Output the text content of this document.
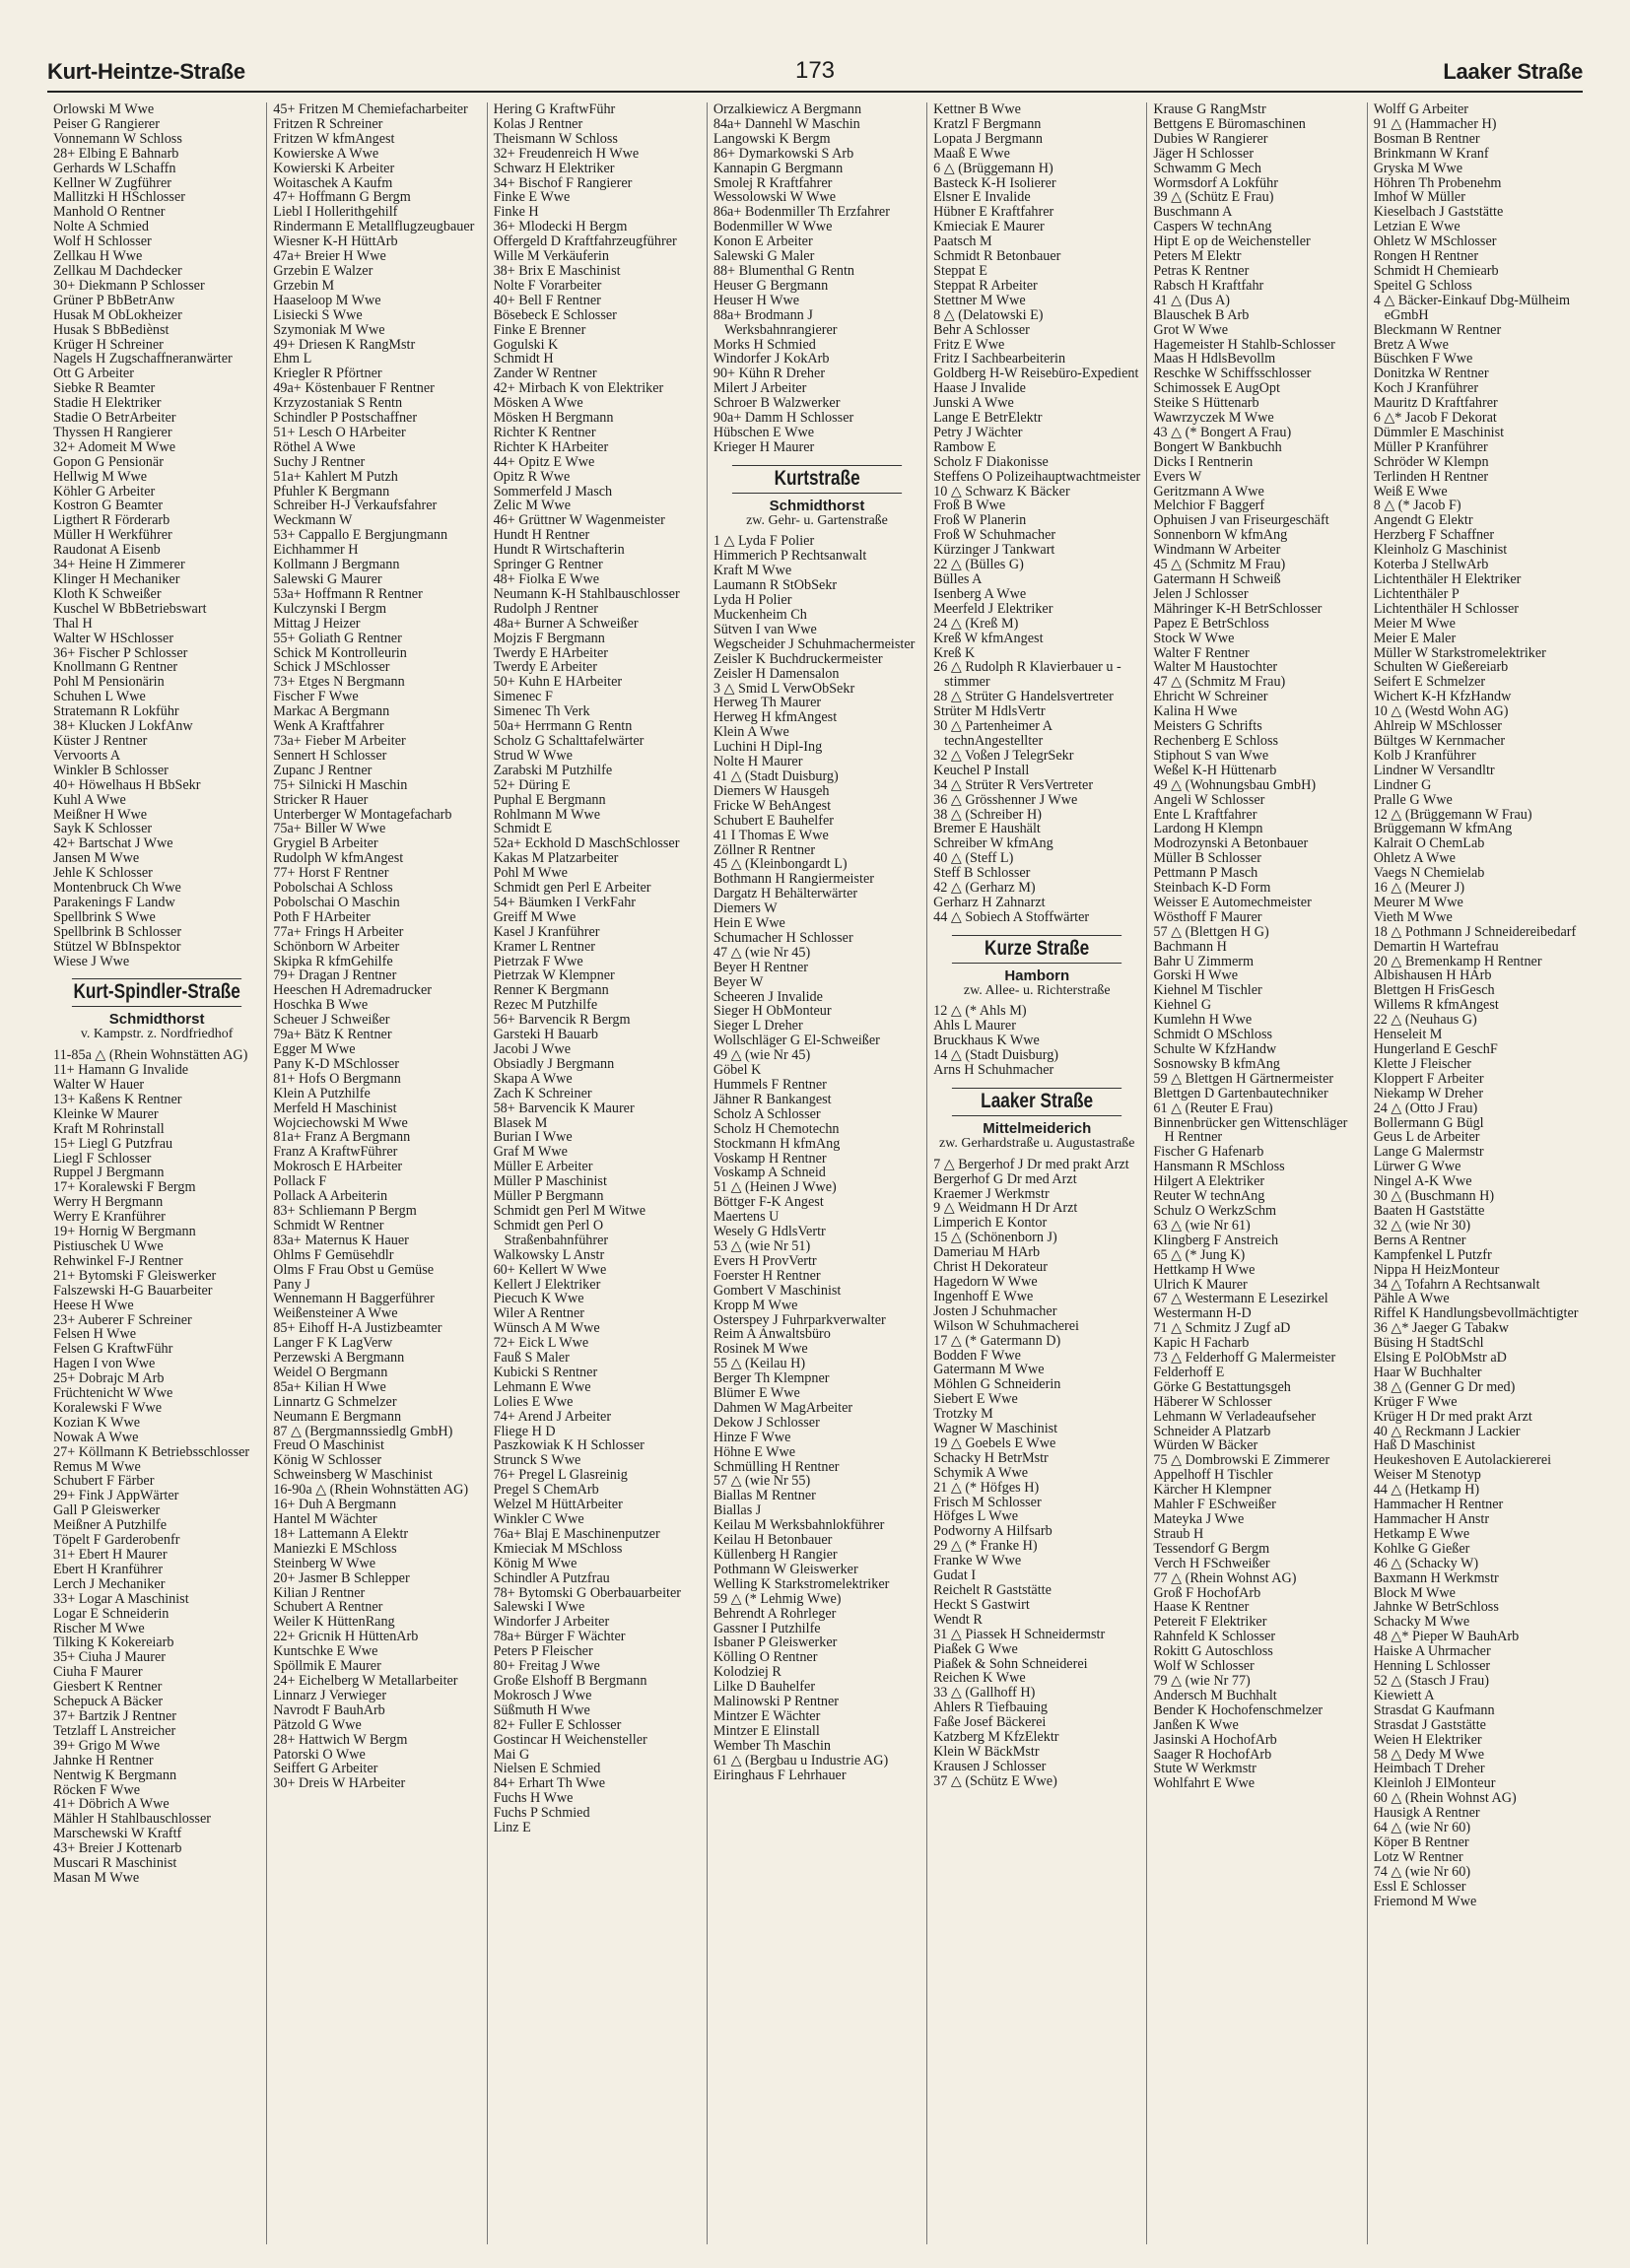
Kurt-Heintze-Straße	173	Laaker Straße
Orlowski M Wwe
Peiser G Rangierer
Vonnemann W Schloss
28+ Elbing E Bahnarb
Gerhards W LSchaffn
Kellner W Zugführer
Mallitzki H HSchlosser
Manhold O Rentner
Nolte A Schmied
Wolf H Schlosser
Zellkau H Wwe
Zellkau M Dachdecker
30+ Diekmann P Schlosser
Grüner P BbBetrAnw
Husak M ObLokheizer
Husak S BbBediènst
Krüger H Schreiner
Nagels H Zugschaffneranwärter
Ott G Arbeiter
Siebke R Beamter
Stadie H Elektriker
Stadie O BetrArbeiter
Thyssen H Rangierer
32+ Adomeit M Wwe
Gopon G Pensionär
Hellwig M Wwe
Köhler G Arbeiter
Kostron G Beamter
Ligthert R Förderarb
Müller H Werkführer
Raudonat A Eisenb
34+ Heine H Zimmerer
Klinger H Mechaniker
Kloth K Schweißer
Kuschel W BbBetriebswart
Thal H
Walter W HSchlosser
36+ Fischer P Schlosser
Knollmann G Rentner
Pohl M Pensionärin
Schuhen L Wwe
Stratemann R Lokführ
38+ Klucken J LokfAnw
Küster J Rentner
Vervoorts A
Winkler B Schlosser
40+ Höwelhaus H BbSekr
Kuhl A Wwe
Meißner H Wwe
Sayk K Schlosser
42+ Bartschat J Wwe
Jansen M Wwe
Jehle K Schlosser
Montenbruck Ch Wwe
Parakenings F Landw
Spellbrink S Wwe
Spellbrink B Schlosser
Stützel W BbInspektor
Wiese J Wwe
Kurt-Spindler-Straße
Schmidthorst
v. Kampstr. z. Nordfriedhof
11-85a △ (Rhein Wohnstätten AG)
11+ Hamann G Invalide
Walter W Hauer
13+ Kaßens K Rentner
Kleinke W Maurer
Kraft M Rohrinstall
15+ Liegl G Putzfrau
Liegl F Schlosser
Ruppel J Bergmann
17+ Koralewski F Bergm
Werry H Bergmann
Werry E Kranführer
19+ Hornig W Bergmann
Pistiuschek U Wwe
Rehwinkel F-J Rentner
21+ Bytomski F Gleiswerker
Falszewski H-G Bauarbeiter
Heese H Wwe
23+ Auberer F Schreiner
Felsen H Wwe
Felsen G KraftwFühr
Hagen I von Wwe
25+ Dobrajc M Arb
Früchtenicht W Wwe
Koralewski F Wwe
Kozian K Wwe
Nowak A Wwe
27+ Köllmann K Betriebsschlosser
Remus M Wwe
Schubert F Färber
29+ Fink J AppWärter
Gall P Gleiswerker
Meißner A Putzhilfe
Töpelt F Garderobenfr
31+ Ebert H Maurer
Ebert H Kranführer
Lerch J Mechaniker
33+ Logar A Maschinist
Logar E Schneiderin
Rischer M Wwe
Tilking K Kokereiarb
35+ Ciuha J Maurer
Ciuha F Maurer
Giesbert K Rentner
Schepuck A Bäcker
37+ Bartzik J Rentner
Tetzlaff L Anstreicher
39+ Grigo M Wwe
Jahnke H Rentner
Nentwig K Bergmann
Röcken F Wwe
41+ Döbrich A Wwe
Mähler H Stahlbauschlosser
Marschewski W Kraftf
43+ Breier J Kottenarb
Muscari R Maschinist
Masan M Wwe
45+ Fritzen M Chemiefacharbeiter
Fritzen R Schreiner
Fritzen W kfmAngest
Kowierske A Wwe
Kowierski K Arbeiter
Woitaschek A Kaufm
47+ Hoffmann G Bergm
Liebl I Hollerithgehilf
Rindermann E Metallflugzeugbauer
Wiesner K-H HüttArb
47a+ Breier H Wwe
Grzebin E Walzer
Grzebin M
Haaseloop M Wwe
Lisiecki S Wwe
Szymoniak M Wwe
49+ Driesen K RangMstr
Ehm L
Kriegler R Pförtner
49a+ Köstenbauer F Rentner
Krzyzostaniak S Rentn
Schindler P Postschaffner
51+ Lesch O HArbeiter
Röthel A Wwe
Suchy J Rentner
51a+ Kahlert M Putzh
Pfuhler K Bergmann
Schreiber H-J Verkaufsfahrer
Weckmann W
53+ Cappallo E Bergjungmann
Eichhammer H
Kollmann J Bergmann
Salewski G Maurer
53a+ Hoffmann R Rentner
Kulczynski I Bergm
Mittag J Heizer
55+ Goliath G Rentner
Schick M Kontrolleurin
Schick J MSchlosser
73+ Etges N Bergmann
Fischer F Wwe
Markac A Bergmann
Wenk A Kraftfahrer
73a+ Fieber M Arbeiter
Sennert H Schlosser
Zupanc J Rentner
75+ Silnicki H Maschin
Stricker R Hauer
Unterberger W Montagefacharb
75a+ Biller W Wwe
Grygiel B Arbeiter
Rudolph W kfmAngest
77+ Horst F Rentner
Pobolschai A Schloss
Pobolschai O Maschin
Poth F HArbeiter
77a+ Frings H Arbeiter
Schönborn W Arbeiter
Skipka R kfmGehilfe
79+ Dragan J Rentner
Heeschen H Adremadrucker
Hoschka B Wwe
Scheuer J Schweißer
79a+ Bätz K Rentner
Egger M Wwe
Pany K-D MSchlosser
81+ Hofs O Bergmann
Klein A Putzhilfe
Merfeld H Maschinist
Wojciechowski M Wwe
81a+ Franz A Bergmann
Franz A KraftwFührer
Mokrosch E HArbeiter
Pollack F
Pollack A Arbeiterin
83+ Schliemann P Bergm
Schmidt W Rentner
83a+ Maternus K Hauer
Ohlms F Gemüsehdlr
Olms F Frau Obst u Gemüse
Pany J
Wennemann H Baggerführer
Weißensteiner A Wwe
85+ Eihoff H-A Justizbeamter
Langer F K LagVerw
Perzewski A Bergmann
Weidel O Bergmann
85a+ Kilian H Wwe
Linnartz G Schmelzer
Neumann E Bergmann
87 △ (Bergmannssiedlg GmbH)
Freud O Maschinist
König W Schlosser
Schweinsberg W Maschinist
16-90a △ (Rhein Wohnstätten AG)
16+ Duh A Bergmann
Hantel M Wächter
18+ Lattemann A Elektr
Maniezki E MSchloss
Steinberg W Wwe
20+ Jasmer B Schlepper
Kilian J Rentner
Schubert A Rentner
Weiler K HüttenRang
22+ Gricnik H HüttenArb
Kuntschke E Wwe
Spöllmik E Maurer
24+ Eichelberg W Metallarbeiter
Linnarz J Verwieger
Navrodt F BauhArb
Pätzold G Wwe
28+ Hattwich W Bergm
Patorski O Wwe
Seiffert G Arbeiter
30+ Dreis W HArbeiter
Hering G KraftwFühr
Kolas J Rentner
Theismann W Schloss
32+ Freudenreich H Wwe
Schwarz H Elektriker
34+ Bischof F Rangierer
Finke E Wwe
Finke H
36+ Mlodecki H Bergm
Offergeld D Kraftfahrzeugführer
Wille M Verkäuferin
38+ Brix E Maschinist
Nolte F Vorarbeiter
40+ Bell F Rentner
Bösebeck E Schlosser
Finke E Brenner
Gogulski K
Schmidt H
Zander W Rentner
42+ Mirbach K von Elektriker
Mösken A Wwe
Mösken H Bergmann
Richter K Rentner
Richter K HArbeiter
44+ Opitz E Wwe
Opitz R Wwe
Sommerfeld J Masch
Zelic M Wwe
46+ Grüttner W Wagenmeister
Hundt H Rentner
Hundt R Wirtschafterin
Springer G Rentner
48+ Fiolka E Wwe
Neumann K-H Stahlbauschlosser
Rudolph J Rentner
48a+ Burner A Schweißer
Mojzis F Bergmann
Twerdy E HArbeiter
Twerdy E Arbeiter
50+ Kuhn E HArbeiter
Simenec F
Simenec Th Verk
50a+ Herrmann G Rentn
Scholz G Schalttafelwärter
Strud W Wwe
Zarabski M Putzhilfe
52+ Düring E
Puphal E Bergmann
Rohlmann M Wwe
Schmidt E
52a+ Eckhold D MaschSchlosser
Kakas M Platzarbeiter
Pohl M Wwe
Schmidt gen Perl E Arbeiter
54+ Bäumken I VerkFahr
Greiff M Wwe
Kasel J Kranführer
Kramer L Rentner
Pietrzak F Wwe
Pietrzak W Klempner
Renner K Bergmann
Rezec M Putzhilfe
56+ Barvencik R Bergm
Garsteki H Bauarb
Jacobi J Wwe
Obsiadly J Bergmann
Skapa A Wwe
Zach K Schreiner
58+ Barvencik K Maurer
Blasek M
Burian I Wwe
Graf M Wwe
Müller E Arbeiter
Müller P Maschinist
Müller P Bergmann
Schmidt gen Perl M Witwe
Schmidt gen Perl O Straßenbahnführer
Walkowsky L Anstr
60+ Kellert W Wwe
Kellert J Elektriker
Piecuch K Wwe
Wiler A Rentner
Wünsch A M Wwe
72+ Eick L Wwe
Fauß S Maler
Kubicki S Rentner
Lehmann E Wwe
Lolies E Wwe
74+ Arend J Arbeiter
Fliege H D
Paszkowiak K H Schlosser
Strunck S Wwe
76+ Pregel L Glasreinig
Pregel S ChemArb
Welzel M HüttArbeiter
Winkler C Wwe
76a+ Blaj E Maschinenputzer
Kmieciak M MSchloss
König M Wwe
Schindler A Putzfrau
78+ Bytomski G Oberbauarbeiter
Salewski I Wwe
Windorfer J Arbeiter
78a+ Bürger F Wächter
Peters P Fleischer
80+ Freitag J Wwe
Große Elshoff B Bergmann
Mokrosch J Wwe
Süßmuth H Wwe
82+ Fuller E Schlosser
Gostincar H Weichensteller
Mai G
Nielsen E Schmied
84+ Erhart Th Wwe
Fuchs H Wwe
Fuchs P Schmied
Linz E
Orzalkiewicz A Bergmann
84a+ Dannehl W Maschin
Langowski K Bergm
86+ Dymarkowski S Arb
Kannapin G Bergmann
Smolej R Kraftfahrer
Wessolowski W Wwe
86a+ Bodenmiller Th Erzfahrer
Bodenmiller W Wwe
Konon E Arbeiter
Salewski G Maler
88+ Blumenthal G Rentn
Heuser G Bergmann
Heuser H Wwe
88a+ Brodmann J Werksbahnrangierer
Morks H Schmied
Windorfer J KokArb
90+ Kühn R Dreher
Milert J Arbeiter
Schroer B Walzwerker
90a+ Damm H Schlosser
Hübschen E Wwe
Krieger H Maurer
Kurtstraße
Schmidthorst
zw. Gehr- u. Gartenstraße
1 △ Lyda F Polier
Himmerich P Rechtsanwalt
Kraft M Wwe
Laumann R StObSekr
Lyda H Polier
Muckenheim Ch
Sütven I van Wwe
Wegscheider J Schuhmachermeister
Zeisler K Buchdruckermeister
Zeisler H Damensalon
3 △ Smid L VerwObSekr
Herweg Th Maurer
Herweg H kfmAngest
Klein A Wwe
Luchini H Dipl-Ing
Nolte H Maurer
41 △ (Stadt Duisburg)
Diemers W Hausgeh
Fricke W BehAngest
Schubert E Bauhelfer
41 I Thomas E Wwe
Zöllner R Rentner
45 △ (Kleinbongardt L)
Bothmann H Rangiermeister
Dargatz H Behälterwärter
Diemers W
Hein E Wwe
Schumacher H Schlosser
47 △ (wie Nr 45)
Beyer H Rentner
Beyer W
Scheeren J Invalide
Sieger H ObMonteur
Sieger L Dreher
Wollschläger G El-Schweißer
49 △ (wie Nr 45)
Göbel K
Hummels F Rentner
Jähner R Bankangest
Scholz A Schlosser
Scholz H Chemotechn
Stockmann H kfmAng
Voskamp H Rentner
Voskamp A Schneid
51 △ (Heinen J Wwe)
Böttger F-K Angest
Maertens U
Wesely G HdlsVertr
53 △ (wie Nr 51)
Evers H ProvVertr
Foerster H Rentner
Gombert V Maschinist
Kropp M Wwe
Osterspey J Fuhrparkverwalter
Reim A Anwaltsbüro
Rosinek M Wwe
55 △ (Keilau H)
Berger Th Klempner
Blümer E Wwe
Dahmen W MagArbeiter
Dekow J Schlosser
Hinze F Wwe
Höhne E Wwe
Schmülling H Rentner
57 △ (wie Nr 55)
Biallas M Rentner
Biallas J
Keilau M Werksbahnlokführer
Keilau H Betonbauer
Küllenberg H Rangier
Pothmann W Gleiswerker
Welling K Starkstromelektriker
59 △ (* Lehmig Wwe)
Behrendt A Rohrleger
Gassner I Putzhilfe
Isbaner P Gleiswerker
Kölling O Rentner
Kolodziej R
Lilke D Bauhelfer
Malinowski P Rentner
Mintzer E Wächter
Mintzer E Elinstall
Wember Th Maschin
61 △ (Bergbau u Industrie AG)
Eiringhaus F Lehrhauer
Kettner B Wwe
Kratzl F Bergmann
Lopata J Bergmann
Maaß E Wwe
6 △ (Brüggemann H)
Basteck K-H Isolierer
Elsner E Invalide
Hübner E Kraftfahrer
Kmieciak E Maurer
Paatsch M
Schmidt R Betonbauer
Steppat E
Steppat R Arbeiter
Stettner M Wwe
8 △ (Delatowski E)
Behr A Schlosser
Fritz E Wwe
Fritz I Sachbearbeiterin
Goldberg H-W Reisebüro-Expedient
Haase J Invalide
Junski A Wwe
Lange E BetrElektr
Petry J Wächter
Rambow E
Scholz F Diakonisse
Steffens O Polizeihauptwachtmeister
10 △ Schwarz K Bäcker
Froß B Wwe
Froß W Planerin
Froß W Schuhmacher
Kürzinger J Tankwart
22 △ (Bülles G)
Bülles A
Isenberg A Wwe
Meerfeld J Elektriker
24 △ (Kreß M)
Kreß W kfmAngest
Kreß K
26 △ Rudolph R Klavierbauer u -stimmer
28 △ Strüter G Handelsvertreter
Strüter M HdlsVertr
30 △ Partenheimer A technAngestellter
32 △ Voßen J TelegrSekr
Keuchel P Install
34 △ Strüter R VersVertreter
36 △ Grösshenner J Wwe
38 △ (Schreiber H)
Bremer E Haushält
Schreiber W kfmAng
40 △ (Steff L)
Steff B Schlosser
42 △ (Gerharz M)
Gerharz H Zahnarzt
44 △ Sobiech A Stoffwärter
Kurze Straße
Hamborn
zw. Allee- u. Richterstraße
12 △ (* Ahls M)
Ahls L Maurer
Bruckhaus K Wwe
14 △ (Stadt Duisburg)
Arns H Schuhmacher
Laaker Straße
Mittelmeiderich
zw. Gerhardstraße u. Augustastraße
7 △ Bergerhof J Dr med prakt Arzt
Bergerhof G Dr med Arzt
Kraemer J Werkmstr
9 △ Weidmann H Dr Arzt
Limperich E Kontor
15 △ (Schönenborn J)
Dameriau M HArb
Christ H Dekorateur
Hagedorn W Wwe
Ingenhoff E Wwe
Josten J Schuhmacher
Wilson W Schuhmacherei
17 △ (* Gatermann D)
Bodden F Wwe
Gatermann M Wwe
Möhlen G Schneiderin
Siebert E Wwe
Trotzky M
Wagner W Maschinist
19 △ Goebels E Wwe
Schacky H BetrMstr
Schymik A Wwe
21 △ (* Höfges H)
Frisch M Schlosser
Höfges L Wwe
Podworny A Hilfsarb
29 △ (* Franke H)
Franke W Wwe
Gudat I
Reichelt R Gaststätte
Heckt S Gastwirt
Wendt R
31 △ Piassek H Schneidermstr
Piaßek G Wwe
Piaßek & Sohn Schneiderei
Reichen K Wwe
33 △ (Gallhoff H)
Ahlers R Tiefbauing
Faße Josef Bäckerei
Katzberg M KfzElektr
Klein W BäckMstr
Krausen J Schlosser
37 △ (Schütz E Wwe)
Krause G RangMstr
Bettgens E Büromaschinen
Dubies W Rangierer
Jäger H Schlosser
Schwamm G Mech
Wormsdorf A Lokführ
39 △ (Schütz E Frau)
Buschmann A
Caspers W technAng
Hipt E op de Weichensteller
Peters M Elektr
Petras K Rentner
Rabsch H Kraftfahr
41 △ (Dus A)
Blauschek B Arb
Grot W Wwe
Hagemeister H Stahlb-Schlosser
Maas H HdlsBevollm
Reschke W Schiffsschlosser
Schimossek E AugOpt
Steike S Hüttenarb
Wawrzyczek M Wwe
43 △ (* Bongert A Frau)
Bongert W Bankbuchh
Dicks I Rentnerin
Evers W
Geritzmann A Wwe
Melchior F Baggerf
Ophuisen J van Friseurgeschäft
Sonnenborn W kfmAng
Windmann W Arbeiter
45 △ (Schmitz M Frau)
Gatermann H Schweiß
Jelen J Schlosser
Mähringer K-H BetrSchlosser
Papez E BetrSchloss
Stock W Wwe
Walter F Rentner
Walter M Haustochter
47 △ (Schmitz M Frau)
Ehricht W Schreiner
Kalina H Wwe
Meisters G Schrifts
Rechenberg E Schloss
Stiphout S van Wwe
Weßel K-H Hüttenarb
49 △ (Wohnungsbau GmbH)
Angeli W Schlosser
Ente L Kraftfahrer
Lardong H Klempn
Modrozynski A Betonbauer
Müller B Schlosser
Pettmann P Masch
Steinbach K-D Form
Weisser E Automechmeister
Wösthoff F Maurer
57 △ (Blettgen H G)
Bachmann H
Bahr U Zimmerm
Gorski H Wwe
Kiehnel M Tischler
Kiehnel G
Kumlehn H Wwe
Schmidt O MSchloss
Schulte W KfzHandw
Sosnowsky B kfmAng
59 △ Blettgen H Gärtnermeister
Blettgen D Gartenbautechniker
61 △ (Reuter E Frau)
Binnenbrücker gen Wittenschläger H Rentner
Fischer G Hafenarb
Hansmann R MSchloss
Hilgert A Elektriker
Reuter W technAng
Schulz O WerkzSchm
63 △ (wie Nr 61)
Klingberg F Anstreich
65 △ (* Jung K)
Hettkamp H Wwe
Ulrich K Maurer
67 △ Westermann E Lesezirkel
Westermann H-D
71 △ Schmitz J Zugf aD
Kapic H Facharb
73 △ Felderhoff G Malermeister
Felderhoff E
Görke G Bestattungsgeh
Häberer W Schlosser
Lehmann W Verladeaufseher
Schneider A Platzarb
Würden W Bäcker
75 △ Dombrowski E Zimmerer
Appelhoff H Tischler
Kärcher H Klempner
Mahler F ESchweißer
Mateyka J Wwe
Straub H
Tessendorf G Bergm
Verch H FSchweißer
77 △ (Rhein Wohnst AG)
Groß F HochofArb
Haase K Rentner
Petereit F Elektriker
Rahnfeld K Schlosser
Rokitt G Autoschloss
Wolf W Schlosser
79 △ (wie Nr 77)
Andersch M Buchhalt
Bender K Hochofenschmelzer
Janßen K Wwe
Jasinski A HochofArb
Saager R HochofArb
Stute W Werkmstr
Wohlfahrt E Wwe
Wolff G Arbeiter
91 △ (Hammacher H)
Bosman B Rentner
Brinkmann W Kranf
Gryska M Wwe
Höhren Th Probenehm
Imhof W Müller
Kieselbach J Gaststätte
Letzian E Wwe
Ohletz W MSchlosser
Rongen H Rentner
Schmidt H Chemiearb
Speitel G Schloss
4 △ Bäcker-Einkauf Dbg-Mülheim eGmbH
Bleckmann W Rentner
Bretz A Wwe
Büschken F Wwe
Donitzka W Rentner
Koch J Kranführer
Mauritz D Kraftfahrer
6 △* Jacob F Dekorat
Dümmler E Maschinist
Müller P Kranführer
Schröder W Klempn
Terlinden H Rentner
Weiß E Wwe
8 △ (* Jacob F)
Angendt G Elektr
Herzberg F Schaffner
Kleinholz G Maschinist
Koterba J StellwArb
Lichtenthäler H Elektriker
Lichtenthäler P
Lichtenthäler H Schlosser
Meier M Wwe
Meier E Maler
Müller W Starkstromelektriker
Schulten W Gießereiarb
Seifert E Schmelzer
Wichert K-H KfzHandw
10 △ (Westd Wohn AG)
Ahlreip W MSchlosser
Bültges W Kernmacher
Kolb J Kranführer
Lindner W Versandltr
Lindner G
Pralle G Wwe
12 △ (Brüggemann W Frau)
Brüggemann W kfmAng
Kalrait O ChemLab
Ohletz A Wwe
Vaegs N Chemielab
16 △ (Meurer J)
Meurer M Wwe
Vieth M Wwe
18 △ Pothmann J Schneidereibedarf
Demartin H Wartefrau
20 △ Bremenkamp H Rentner
Albishausen H HArb
Blettgen H FrisGesch
Willems R kfmAngest
22 △ (Neuhaus G)
Henseleit M
Hungerland E GeschF
Klette J Fleischer
Kloppert F Arbeiter
Niekamp W Dreher
24 △ (Otto J Frau)
Bollermann G Bügl
Geus L de Arbeiter
Lange G Malermstr
Lürwer G Wwe
Ningel A-K Wwe
30 △ (Buschmann H)
Baaten H Gaststätte
32 △ (wie Nr 30)
Berns A Rentner
Kampfenkel L Putzfr
Nippa H HeizMonteur
34 △ Tofahrn A Rechtsanwalt
Pähle A Wwe
Riffel K Handlungsbevollmächtigter
36 △* Jaeger G Tabakw
Büsing H StadtSchl
Elsing E PolObMstr aD
Haar W Buchhalter
38 △ (Genner G Dr med)
Krüger F Wwe
Krüger H Dr med prakt Arzt
40 △ Reckmann J Lackier
Haß D Maschinist
Heukeshoven E Autolackiererei
Weiser M Stenotyp
44 △ (Hetkamp H)
Hammacher H Rentner
Hammacher H Anstr
Hetkamp E Wwe
Kohlke G Gießer
46 △ (Schacky W)
Baxmann H Werkmstr
Block M Wwe
Jahnke W BetrSchloss
Schacky M Wwe
48 △* Pieper W BauhArb
Haiske A Uhrmacher
Henning L Schlosser
52 △ (Stasch J Frau)
Kiewiett A
Strasdat G Kaufmann
Strasdat J Gaststätte
Weien H Elektriker
58 △ Dedy M Wwe
Heimbach T Dreher
Kleinloh J ElMonteur
60 △ (Rhein Wohnst AG)
Hausigk A Rentner
64 △ (wie Nr 60)
Köper B Rentner
Lotz W Rentner
74 △ (wie Nr 60)
Essl E Schlosser
Friemond M Wwe
